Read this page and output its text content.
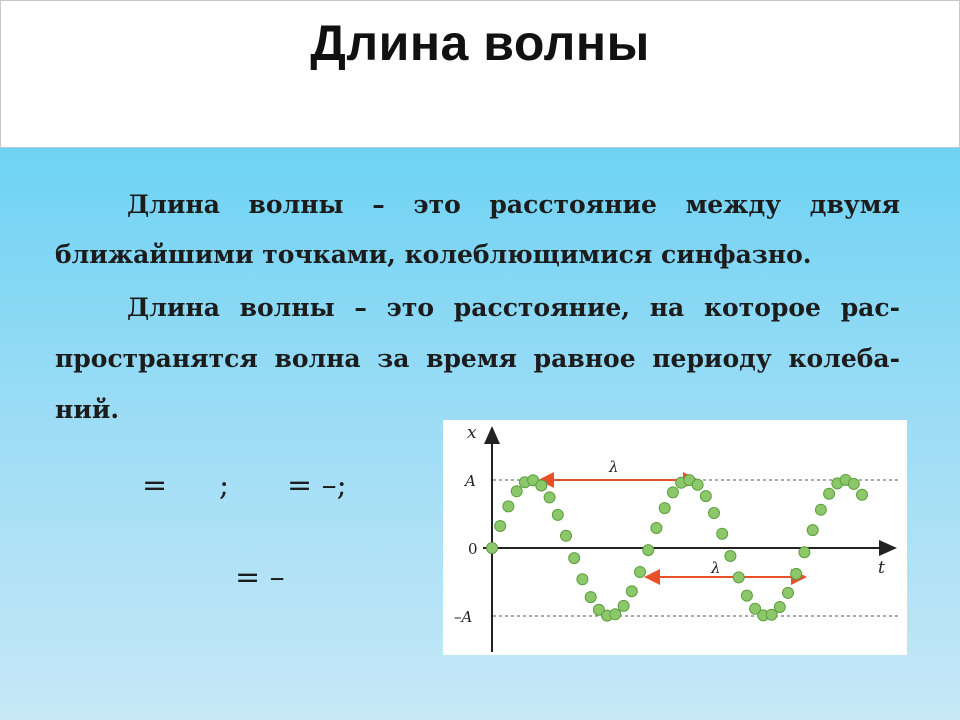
Длина волны
Длина волны – это расстояние между двумя ближайшими точками, колеблющимися синфазно.
Длина волны – это расстояние, на которое распространятся волна за время равное периоду колебаний.
= ; = –;
= –
x
t
A
0
–A
λ
λ
